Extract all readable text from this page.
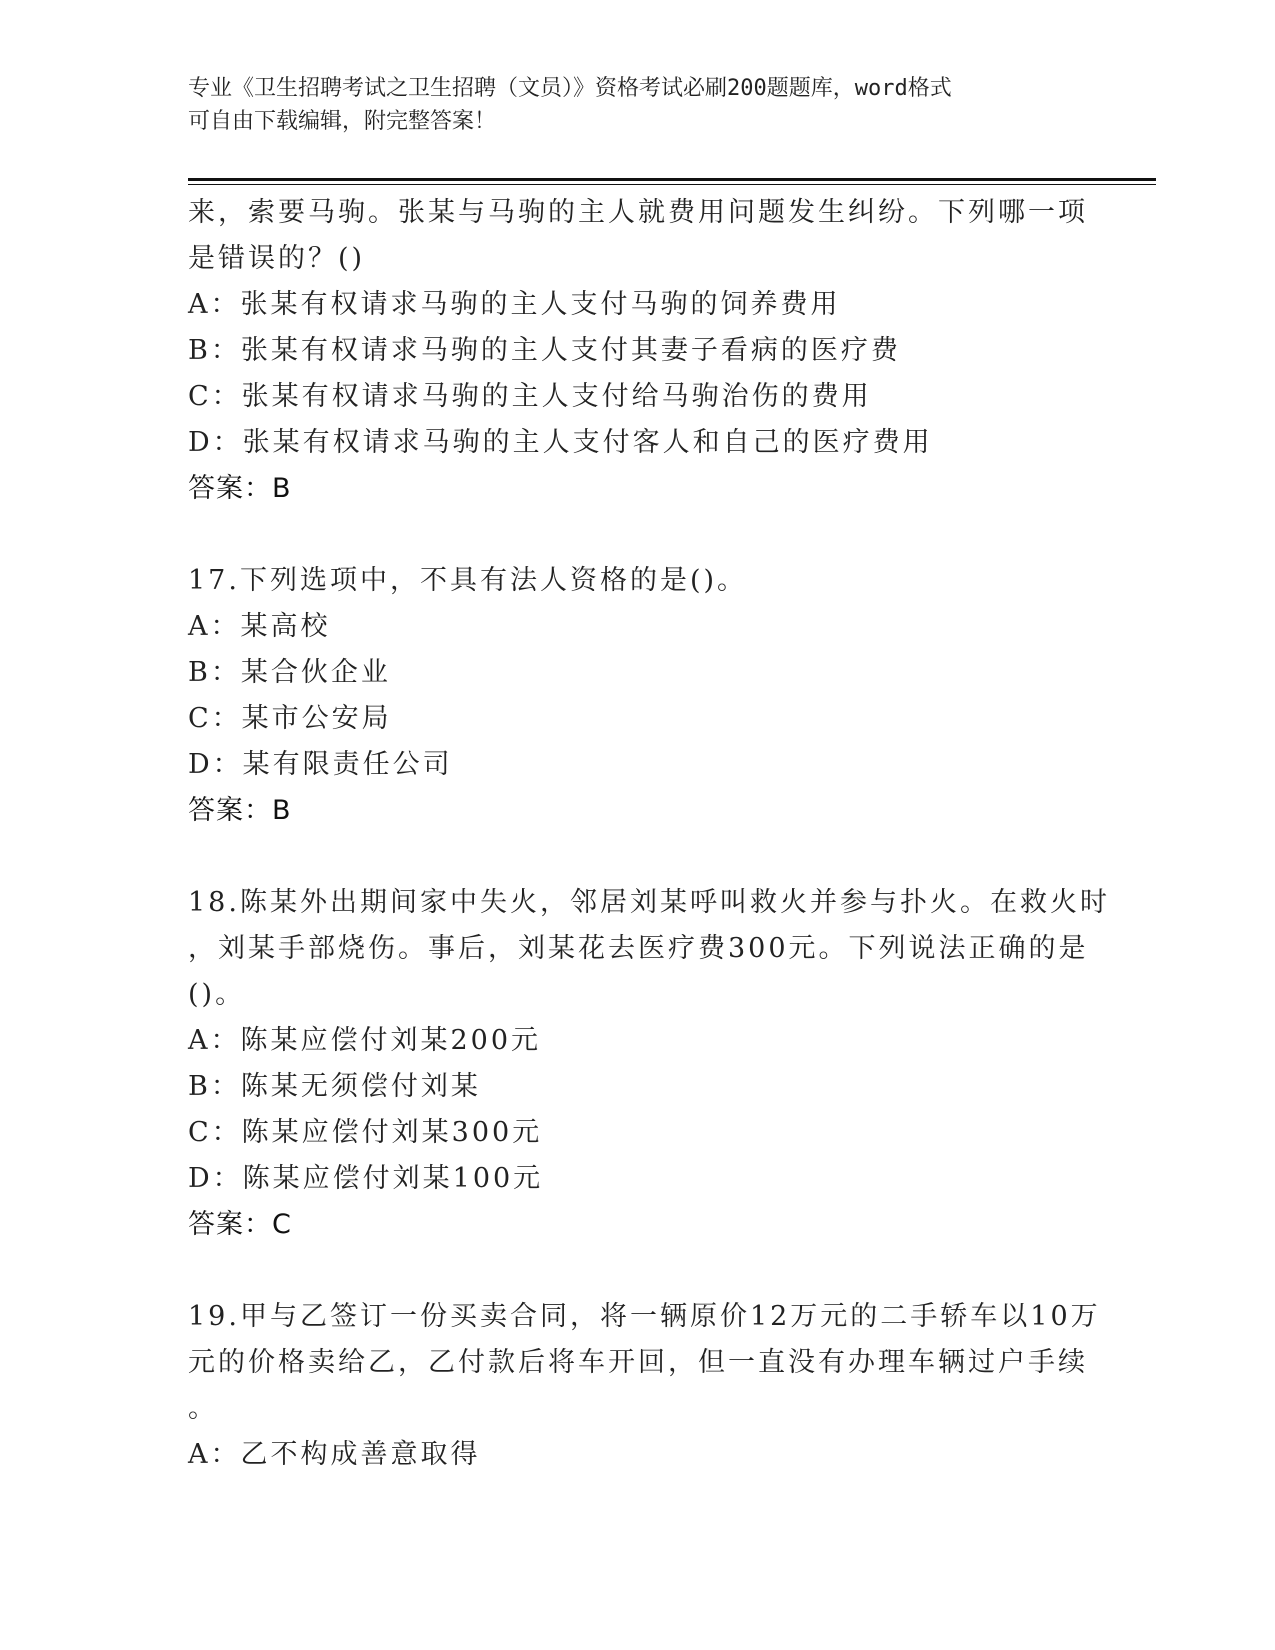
专业《卫生招聘考试之卫生招聘（文员）》资格考试必刷200题题库，word格式
可自由下载编辑，附完整答案！
来，索要马驹。张某与马驹的主人就费用问题发生纠纷。下列哪一项
是错误的？()
A：张某有权请求马驹的主人支付马驹的饲养费用
B：张某有权请求马驹的主人支付其妻子看病的医疗费
C：张某有权请求马驹的主人支付给马驹治伤的费用
D：张某有权请求马驹的主人支付客人和自己的医疗费用
答案：B
17.下列选项中，不具有法人资格的是()。
A：某高校
B：某合伙企业
C：某市公安局
D：某有限责任公司
答案：B
18.陈某外出期间家中失火，邻居刘某呼叫救火并参与扑火。在救火时
，刘某手部烧伤。事后，刘某花去医疗费300元。下列说法正确的是
()。
A：陈某应偿付刘某200元
B：陈某无须偿付刘某
C：陈某应偿付刘某300元
D：陈某应偿付刘某100元
答案：C
19.甲与乙签订一份买卖合同，将一辆原价12万元的二手轿车以10万
元的价格卖给乙，乙付款后将车开回，但一直没有办理车辆过户手续
。
A：乙不构成善意取得
